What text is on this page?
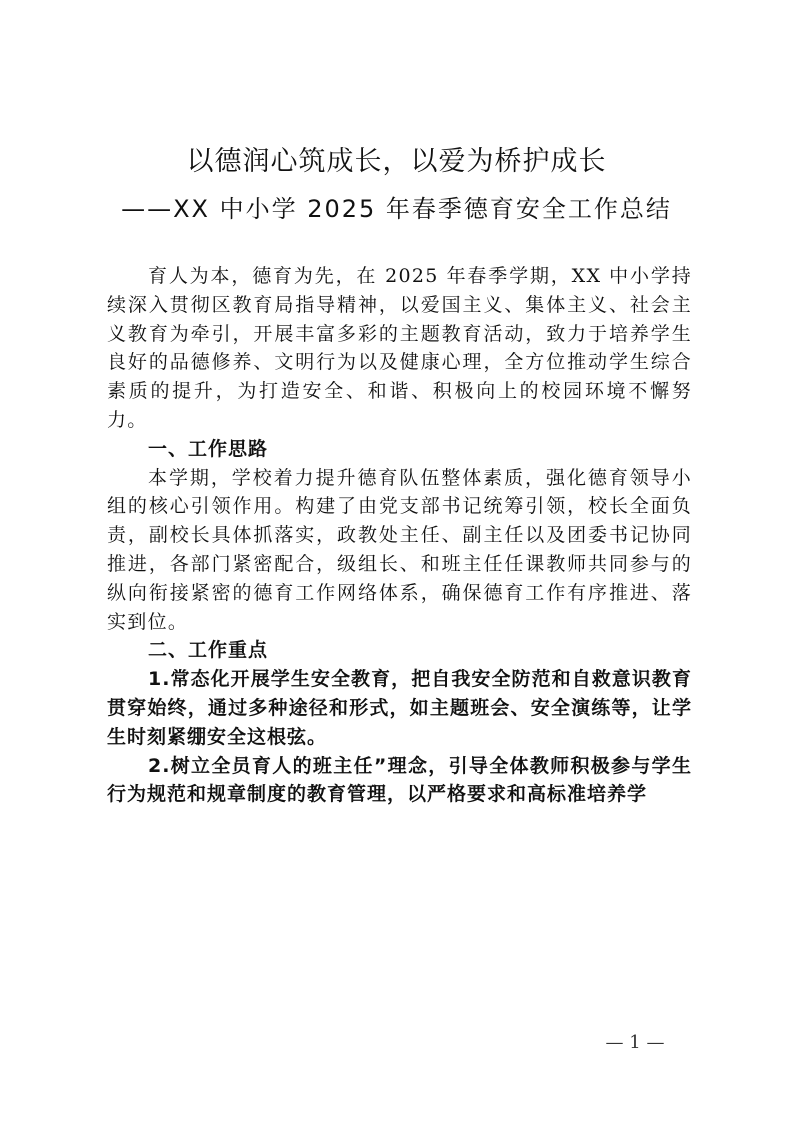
以德润心筑成长，以爱为桥护成长
——XX 中小学 2025 年春季德育安全工作总结

育人为本，德育为先，在 2025 年春季学期，XX 中小学持续深入贯彻区教育局指导精神，以爱国主义、集体主义、社会主义教育为牵引，开展丰富多彩的主题教育活动，致力于培养学生良好的品德修养、文明行为以及健康心理，全方位推动学生综合素质的提升，为打造安全、和谐、积极向上的校园环境不懈努力。

一、工作思路

本学期，学校着力提升德育队伍整体素质，强化德育领导小组的核心引领作用。构建了由党支部书记统筹引领，校长全面负责，副校长具体抓落实，政教处主任、副主任以及团委书记协同推进，各部门紧密配合，级组长、和班主任任课教师共同参与的纵向衔接紧密的德育工作网络体系，确保德育工作有序推进、落实到位。

二、工作重点

1.常态化开展学生安全教育，把自我安全防范和自救意识教育贯穿始终，通过多种途径和形式，如主题班会、安全演练等，让学生时刻紧绷安全这根弦。

2.树立全员育人的班主任”理念，引导全体教师积极参与学生行为规范和规章制度的教育管理，以严格要求和高标准培养学

— 1 —
